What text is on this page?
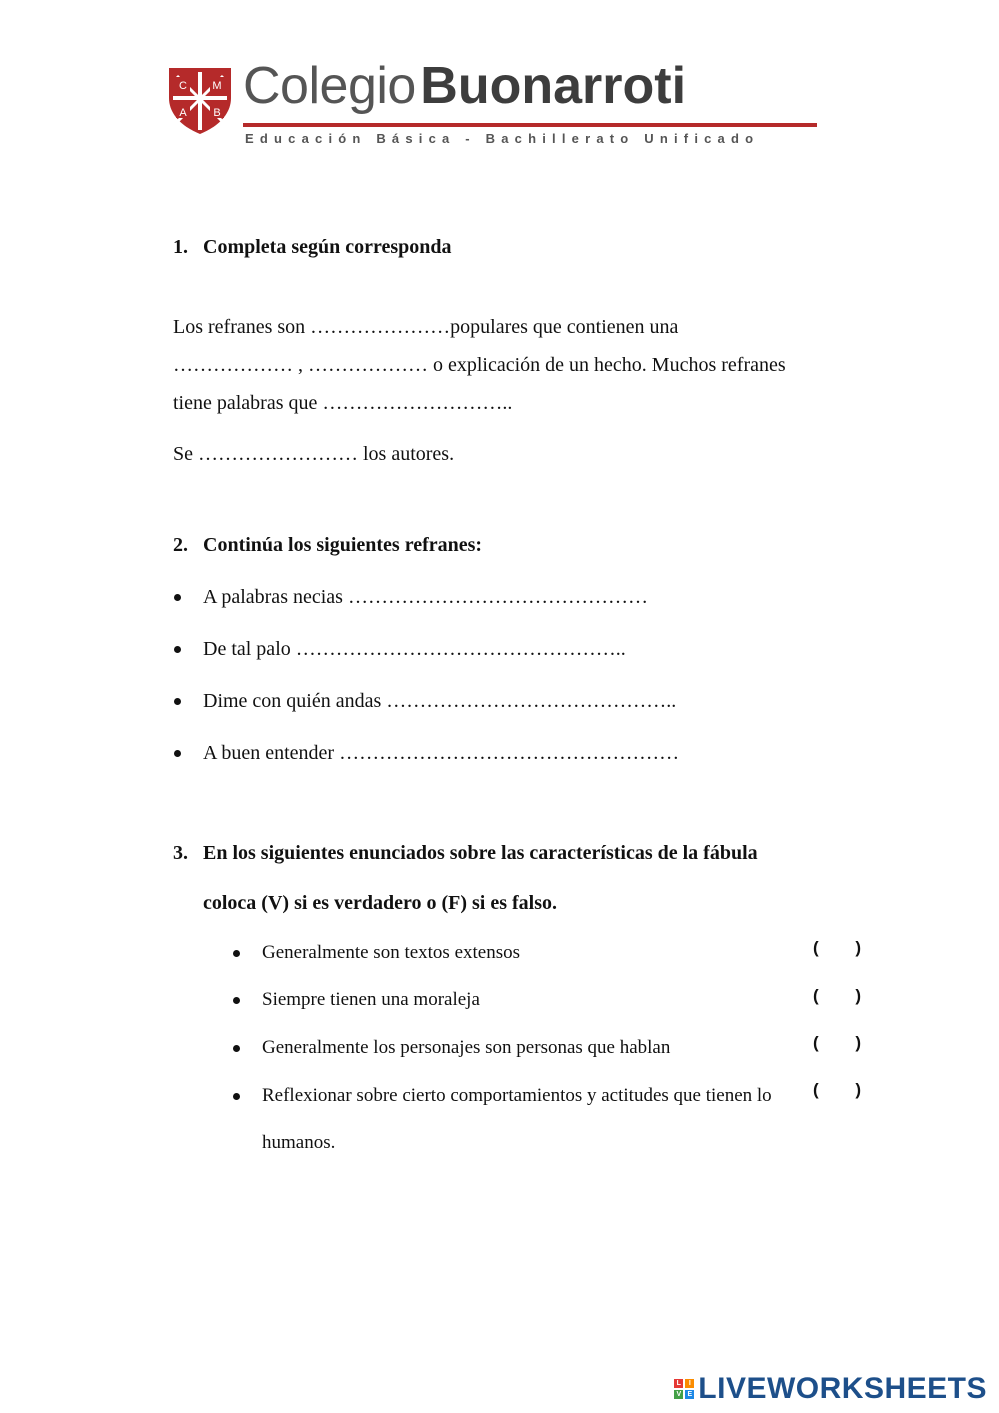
C M
A B Colegio Buonarroti
Educación Básica - Bachillerato Unificado
1. Completa según corresponda
Los refranes son …………………populares que contienen una
……………… , ……………… o explicación de un hecho. Muchos refranes
tiene palabras que ………………………..
Se …………………… los autores.
2. Continúa los siguientes refranes:
A palabras necias ………………………………………
De tal palo …………………………………………..
Dime con quién andas ……………………………………..
A buen entender ……………………………………………
3. En los siguientes enunciados sobre las características de la fábula
coloca (V) si es verdadero o (F) si es falso.
Generalmente son textos extensos	( )
Siempre tienen una moraleja	( )
Generalmente los personajes son personas que hablan	( )
Reflexionar sobre cierto comportamientos y actitudes que tienen lo ( )
humanos.
L	I
V E LIVEWORKSHEETS
